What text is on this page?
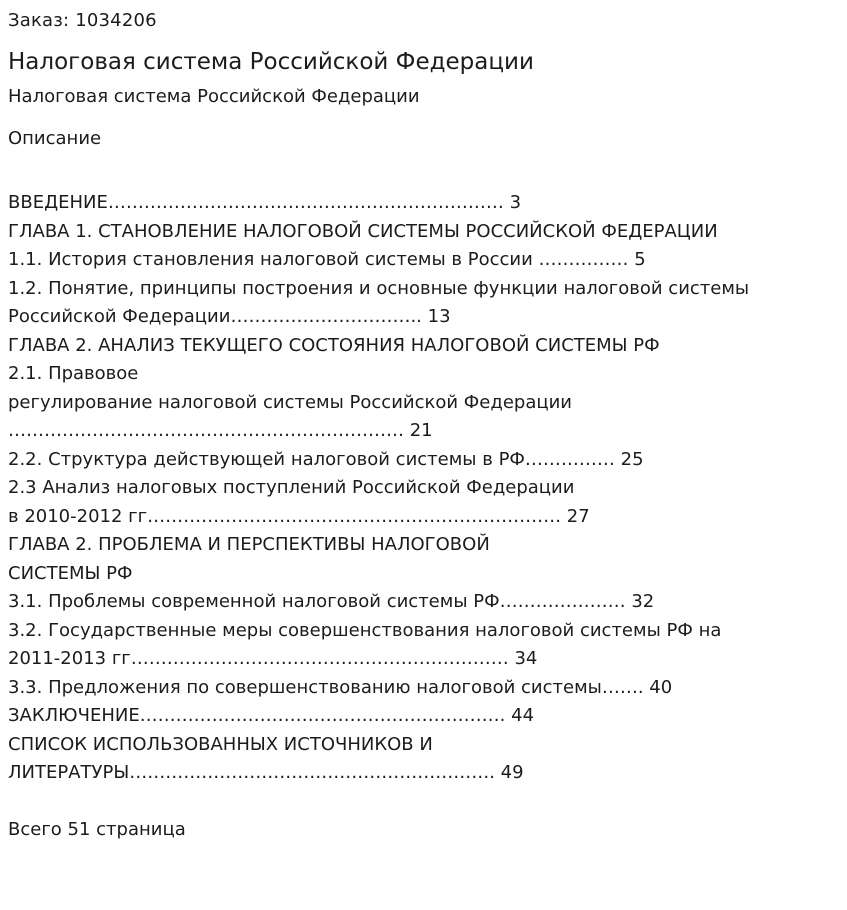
Заказ: 1034206
Налоговая система Российской Федерации
Налоговая система Российской Федерации
Описание
ВВЕДЕНИЕ………………………………………………………… 3
ГЛАВА 1. СТАНОВЛЕНИЕ НАЛОГОВОЙ СИСТЕМЫ РОССИЙСКОЙ ФЕДЕРАЦИИ
1.1. История становления налоговой системы в России …………… 5
1.2. Понятие, принципы построения и основные функции налоговой системы
Российской Федерации………………………….. 13
ГЛАВА 2. АНАЛИЗ ТЕКУЩЕГО СОСТОЯНИЯ НАЛОГОВОЙ СИСТЕМЫ РФ
2.1. Правовое
регулирование налоговой системы Российской Федерации
………………………………………………………… 21
2.2. Структура действующей налоговой системы в РФ…………… 25
2.3 Анализ налоговых поступлений Российской Федерации
в 2010-2012 гг…………………………………………………………… 27
ГЛАВА 2. ПРОБЛЕМА И ПЕРСПЕКТИВЫ НАЛОГОВОЙ
СИСТЕМЫ РФ
3.1. Проблемы современной налоговой системы РФ………………… 32
3.2. Государственные меры совершенствования налоговой системы РФ на
2011-2013 гг……………………………………………………… 34
3.3. Предложения по совершенствованию налоговой системы……. 40
ЗАКЛЮЧЕНИЕ……………………………………………………. 44
СПИСОК ИСПОЛЬЗОВАННЫХ ИСТОЧНИКОВ И
ЛИТЕРАТУРЫ……………………………………………………. 49
Всего 51 страница
